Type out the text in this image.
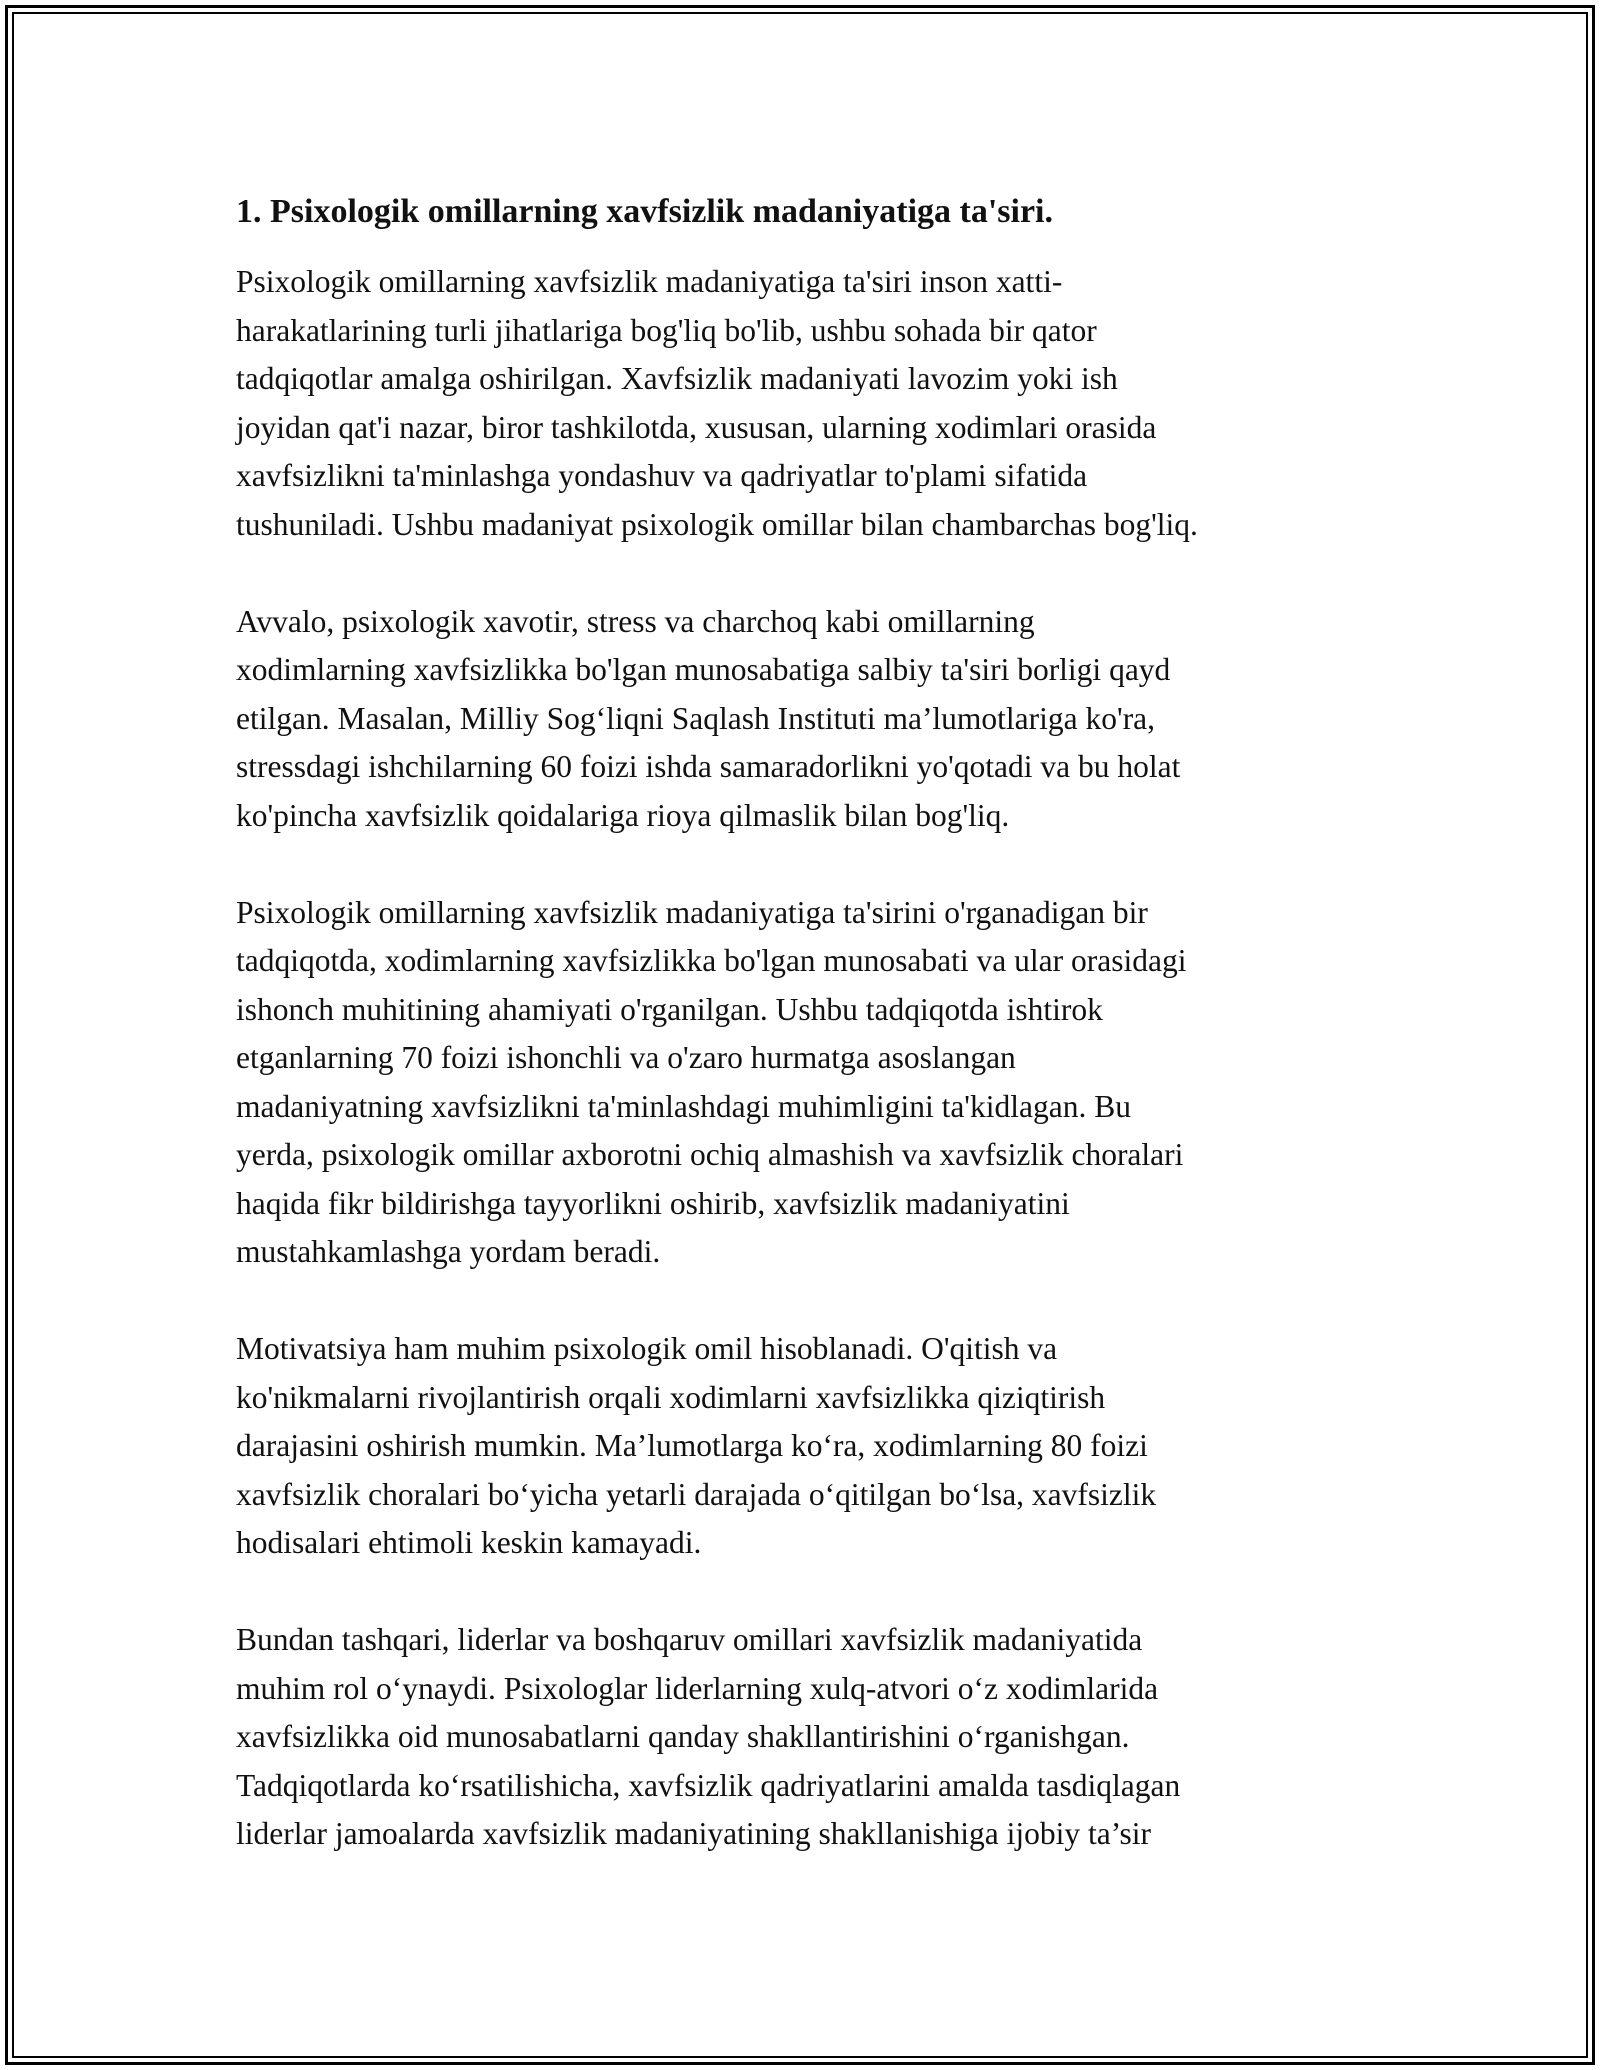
1. Psixologik omillarning xavfsizlik madaniyatiga ta'siri.
Psixologik omillarning xavfsizlik madaniyatiga ta'siri inson xatti-
harakatlarining turli jihatlariga bog'liq bo'lib, ushbu sohada bir qator
tadqiqotlar amalga oshirilgan. Xavfsizlik madaniyati lavozim yoki ish
joyidan qat'i nazar, biror tashkilotda, xususan, ularning xodimlari orasida
xavfsizlikni ta'minlashga yondashuv va qadriyatlar to'plami sifatida
tushuniladi. Ushbu madaniyat psixologik omillar bilan chambarchas bog'liq.
Avvalo, psixologik xavotir, stress va charchoq kabi omillarning
xodimlarning xavfsizlikka bo'lgan munosabatiga salbiy ta'siri borligi qayd
etilgan. Masalan, Milliy Sog‘liqni Saqlash Instituti ma’lumotlariga ko'ra,
stressdagi ishchilarning 60 foizi ishda samaradorlikni yo'qotadi va bu holat
ko'pincha xavfsizlik qoidalariga rioya qilmaslik bilan bog'liq.
Psixologik omillarning xavfsizlik madaniyatiga ta'sirini o'rganadigan bir
tadqiqotda, xodimlarning xavfsizlikka bo'lgan munosabati va ular orasidagi
ishonch muhitining ahamiyati o'rganilgan. Ushbu tadqiqotda ishtirok
etganlarning 70 foizi ishonchli va o'zaro hurmatga asoslangan
madaniyatning xavfsizlikni ta'minlashdagi muhimligini ta'kidlagan. Bu
yerda, psixologik omillar axborotni ochiq almashish va xavfsizlik choralari
haqida fikr bildirishga tayyorlikni oshirib, xavfsizlik madaniyatini
mustahkamlashga yordam beradi.
Motivatsiya ham muhim psixologik omil hisoblanadi. O'qitish va
ko'nikmalarni rivojlantirish orqali xodimlarni xavfsizlikka qiziqtirish
darajasini oshirish mumkin. Ma’lumotlarga ko‘ra, xodimlarning 80 foizi
xavfsizlik choralari bo‘yicha yetarli darajada o‘qitilgan bo‘lsa, xavfsizlik
hodisalari ehtimoli keskin kamayadi.
Bundan tashqari, liderlar va boshqaruv omillari xavfsizlik madaniyatida
muhim rol o‘ynaydi. Psixologlar liderlarning xulq-atvori o‘z xodimlarida
xavfsizlikka oid munosabatlarni qanday shakllantirishini o‘rganishgan.
Tadqiqotlarda ko‘rsatilishicha, xavfsizlik qadriyatlarini amalda tasdiqlagan
liderlar jamoalarda xavfsizlik madaniyatining shakllanishiga ijobiy ta’sir
